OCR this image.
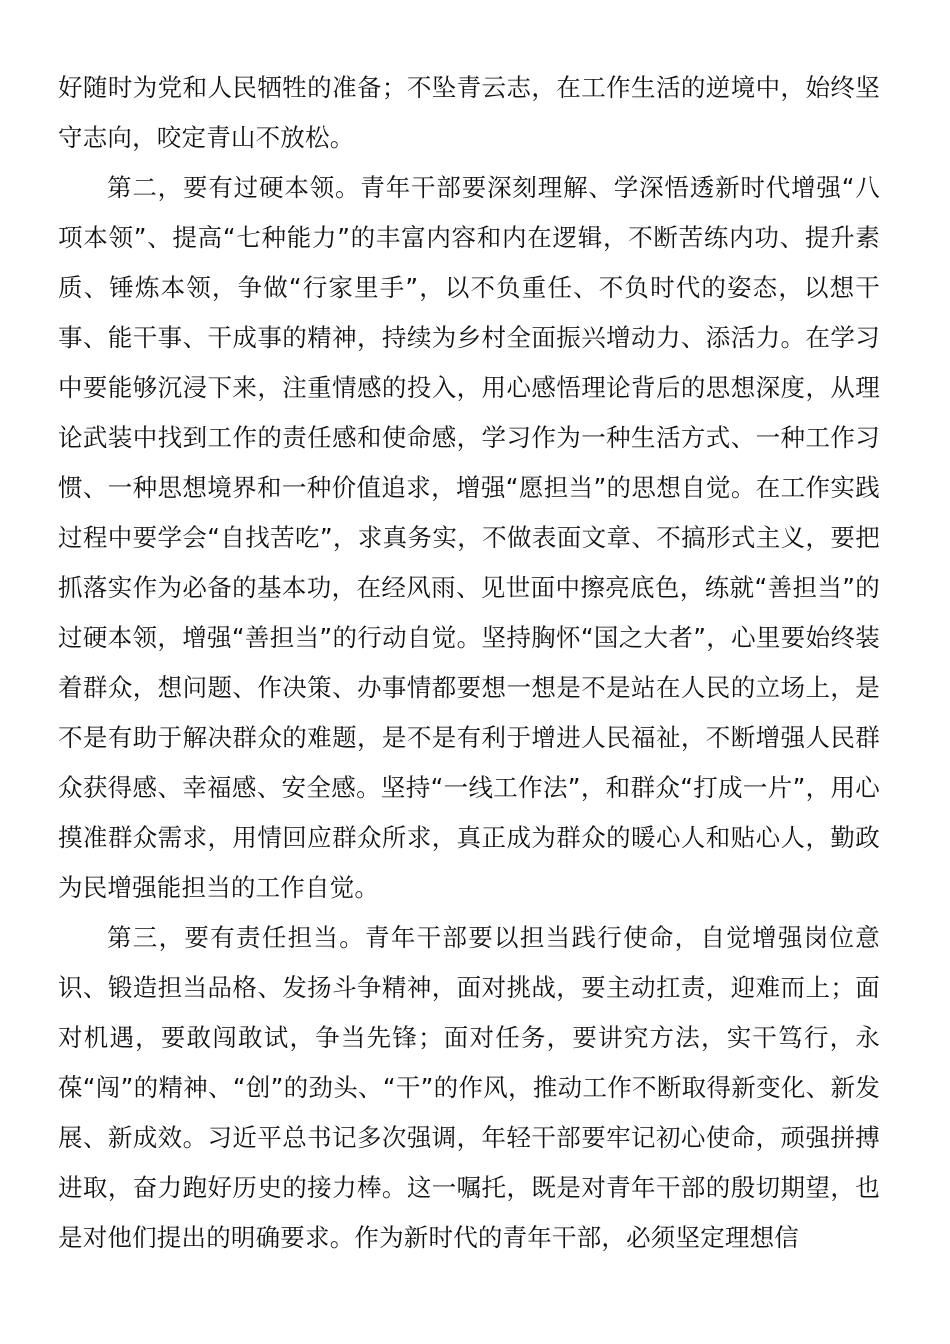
好随时为党和人民牺牲的准备；不坠青云志，在工作生活的逆境中，始终坚守志向，咬定青山不放松。

第二，要有过硬本领。青年干部要深刻理解、学深悟透新时代增强“八项本领”、提高“七种能力”的丰富内容和内在逻辑，不断苦练内功、提升素质、锤炼本领，争做“行家里手”，以不负重任、不负时代的姿态，以想干事、能干事、干成事的精神，持续为乡村全面振兴增动力、添活力。在学习中要能够沉浸下来，注重情感的投入，用心感悟理论背后的思想深度，从理论武装中找到工作的责任感和使命感，学习作为一种生活方式、一种工作习惯、一种思想境界和一种价值追求，增强“愿担当”的思想自觉。在工作实践过程中要学会“自找苦吃”，求真务实，不做表面文章、不搞形式主义，要把抓落实作为必备的基本功，在经风雨、见世面中擦亮底色，练就“善担当”的过硬本领，增强“善担当”的行动自觉。坚持胸怀“国之大者”，心里要始终装着群众，想问题、作决策、办事情都要想一想是不是站在人民的立场上，是不是有助于解决群众的难题，是不是有利于增进人民福祉，不断增强人民群众获得感、幸福感、安全感。坚持“一线工作法”，和群众“打成一片”，用心摸准群众需求，用情回应群众所求，真正成为群众的暖心人和贴心人，勤政为民增强能担当的工作自觉。

第三，要有责任担当。青年干部要以担当践行使命，自觉增强岗位意识、锻造担当品格、发扬斗争精神，面对挑战，要主动扛责，迎难而上；面对机遇，要敢闯敢试，争当先锋；面对任务，要讲究方法，实干笃行，永葆“闯”的精神、“创”的劲头、“干”的作风，推动工作不断取得新变化、新发展、新成效。习近平总书记多次强调，年轻干部要牢记初心使命，顽强拼搏进取，奋力跑好历史的接力棒。这一嘱托，既是对青年干部的殷切期望，也是对他们提出的明确要求。作为新时代的青年干部，必须坚定理想信
